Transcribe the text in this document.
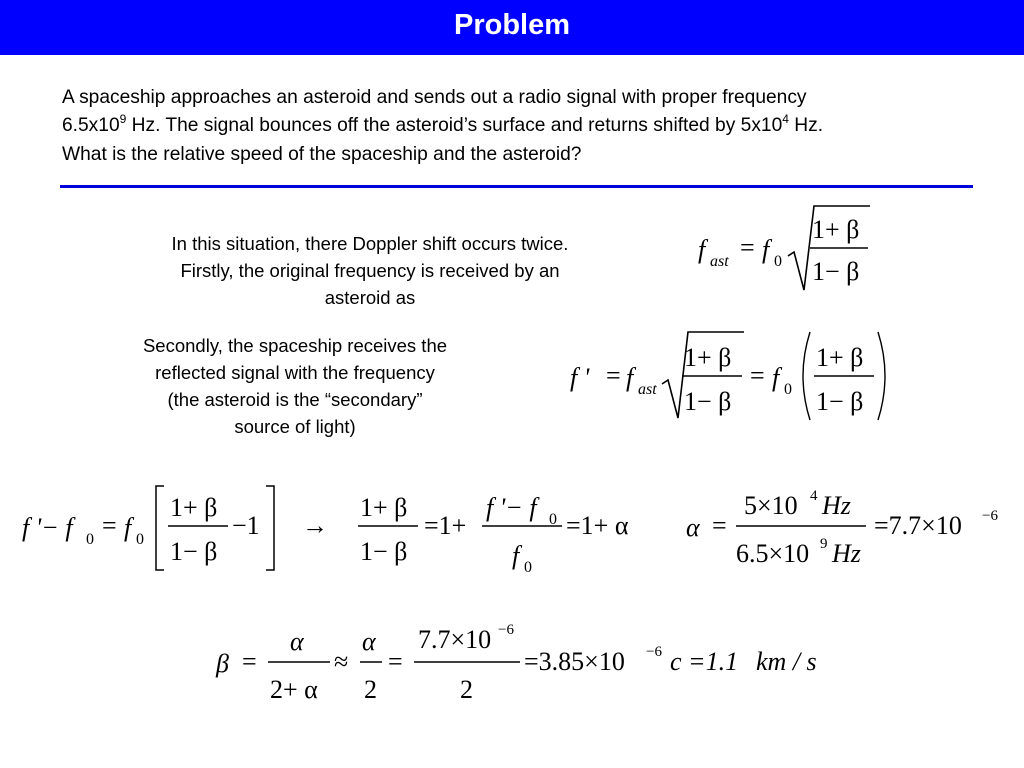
Problem
A spaceship approaches an asteroid and sends out a radio signal with proper frequency
$6.5x10^9$ Hz. The signal bounces off the asteroid’s surface and returns shifted by $5x10^4$ Hz.
What is the relative speed of the spaceship and the asteroid?
In this situation, there Doppler shift occurs twice.
Firstly, the original frequency is received by an
asteroid as
Secondly, the spaceship receives the
reflected signal with the frequency
(the asteroid is the “secondary”
source of light)
f ast = f 0
1+ β
1− β
f ' = f ast
1+ β
1− β
= f 0
1+ β
1− β
f '− f 0 = f 0
1+ β
1− β
−1 →
1+ β
1− β
=1+
f '− f 0
f 0
=1+ α α =
5×10 4 Hz
6.5×10 9 Hz
=7.7×10 −6
β =
α
2+ α
≈
α
2
=
7.7×10 −6
2
=3.85×10 −6 c =1.1 km / s
